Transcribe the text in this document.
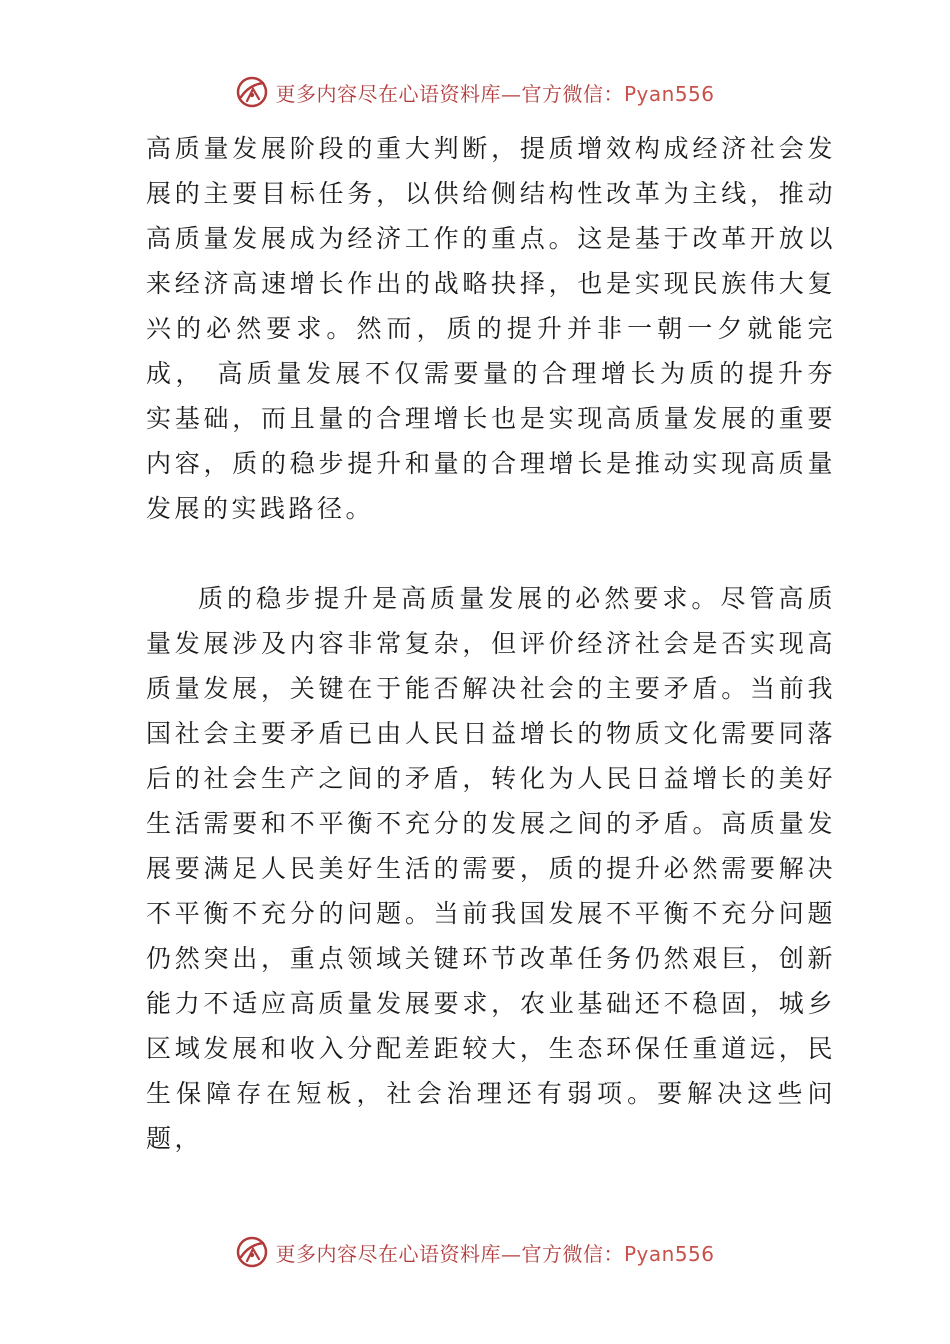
更多内容尽在心语资料库—官方微信：Pyan556

高质量发展阶段的重大判断，提质增效构成经济社会发展的主要目标任务，以供给侧结构性改革为主线，推动高质量发展成为经济工作的重点。这是基于改革开放以来经济高速增长作出的战略抉择，也是实现民族伟大复兴的必然要求。然而，质的提升并非一朝一夕就能完成， 高质量发展不仅需要量的合理增长为质的提升夯实基础，而且量的合理增长也是实现高质量发展的重要内容，质的稳步提升和量的合理增长是推动实现高质量发展的实践路径。

质的稳步提升是高质量发展的必然要求。尽管高质量发展涉及内容非常复杂，但评价经济社会是否实现高质量发展，关键在于能否解决社会的主要矛盾。当前我国社会主要矛盾已由人民日益增长的物质文化需要同落后的社会生产之间的矛盾，转化为人民日益增长的美好生活需要和不平衡不充分的发展之间的矛盾。高质量发展要满足人民美好生活的需要，质的提升必然需要解决不平衡不充分的问题。当前我国发展不平衡不充分问题仍然突出，重点领域关键环节改革任务仍然艰巨，创新能力不适应高质量发展要求，农业基础还不稳固，城乡区域发展和收入分配差距较大，生态环保任重道远，民生保障存在短板，社会治理还有弱项。要解决这些问题，

更多内容尽在心语资料库—官方微信：Pyan556
